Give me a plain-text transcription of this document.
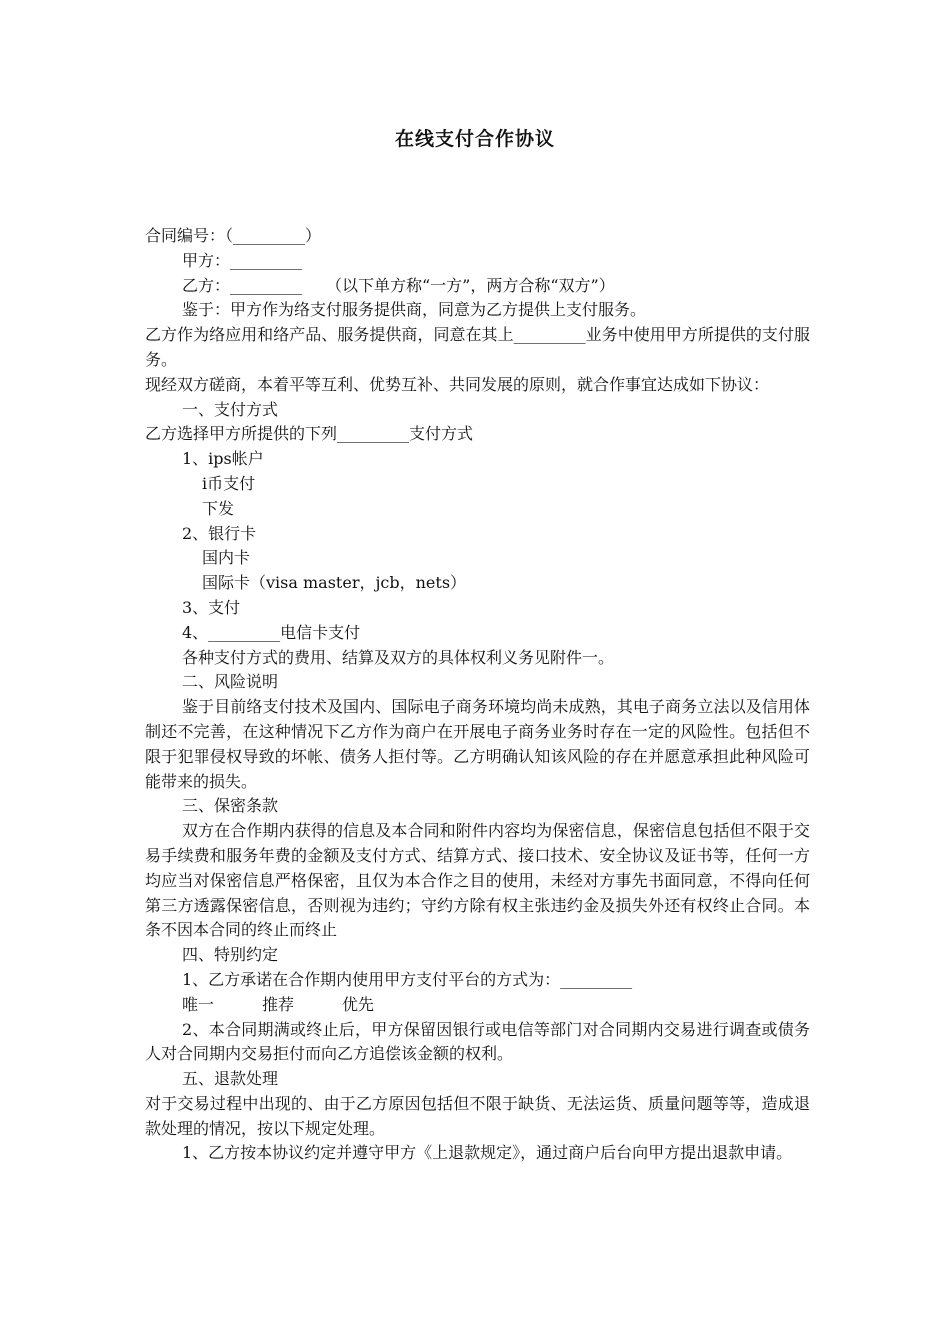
在线支付合作协议
合同编号：（_________）
甲方：_________
乙方：_________　　（以下单方称“一方”，两方合称“双方”）
鉴于：甲方作为络支付服务提供商，同意为乙方提供上支付服务。
乙方作为络应用和络产品、服务提供商，同意在其上_________业务中使用甲方所提供的支付服务。
现经双方磋商，本着平等互利、优势互补、共同发展的原则，就合作事宜达成如下协议：
一、支付方式
乙方选择甲方所提供的下列_________支付方式
1、ips帐户
i币支付
下发
2、银行卡
国内卡
国际卡（visa master，jcb，nets）
3、支付
4、_________电信卡支付
各种支付方式的费用、结算及双方的具体权利义务见附件一。
二、风险说明
鉴于目前络支付技术及国内、国际电子商务环境均尚未成熟，其电子商务立法以及信用体制还不完善，在这种情况下乙方作为商户在开展电子商务业务时存在一定的风险性。包括但不限于犯罪侵权导致的坏帐、债务人拒付等。乙方明确认知该风险的存在并愿意承担此种风险可能带来的损失。
三、保密条款
双方在合作期内获得的信息及本合同和附件内容均为保密信息，保密信息包括但不限于交易手续费和服务年费的金额及支付方式、结算方式、接口技术、安全协议及证书等，任何一方均应当对保密信息严格保密，且仅为本合作之目的使用，未经对方事先书面同意，不得向任何第三方透露保密信息，否则视为违约；守约方除有权主张违约金及损失外还有权终止合同。本条不因本合同的终止而终止
四、特别约定
1、乙方承诺在合作期内使用甲方支付平台的方式为：_________
唯一　　　推荐　　　优先
2、本合同期满或终止后，甲方保留因银行或电信等部门对合同期内交易进行调查或债务人对合同期内交易拒付而向乙方追偿该金额的权利。
五、退款处理
对于交易过程中出现的、由于乙方原因包括但不限于缺货、无法运货、质量问题等等，造成退款处理的情况，按以下规定处理。
1、乙方按本协议约定并遵守甲方《上退款规定》，通过商户后台向甲方提出退款申请。
